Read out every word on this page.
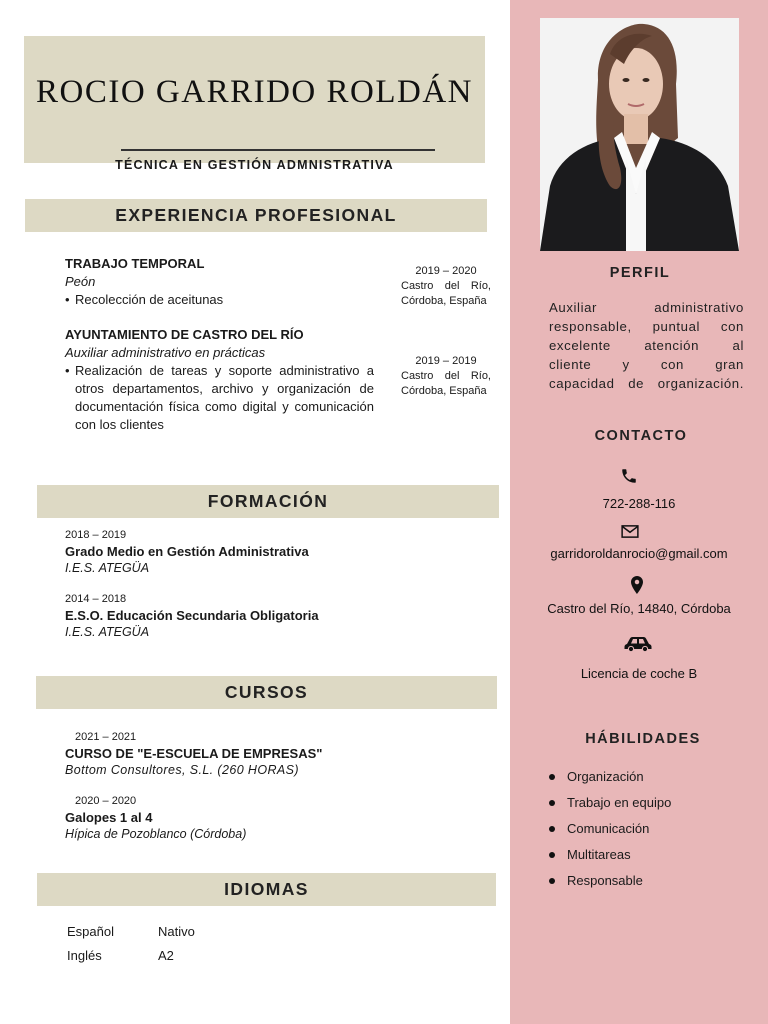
ROCIO GARRIDO ROLDÁN
TÉCNICA EN GESTIÓN ADMNISTRATIVA
EXPERIENCIA PROFESIONAL
TRABAJO TEMPORAL
Peón
• Recolección de aceitunas
2019 – 2020
Castro del Río,
Córdoba, España
AYUNTAMIENTO DE CASTRO DEL RÍO
Auxiliar administrativo en prácticas
• Realización de tareas y soporte administrativo a otros departamentos, archivo y organización de documentación física como digital y comunicación con los clientes
2019 – 2019
Castro del Río,
Córdoba, España
FORMACIÓN
2018 – 2019
Grado Medio en Gestión Administrativa
I.E.S. ATEGÜA
2014 – 2018
E.S.O. Educación Secundaria Obligatoria
I.E.S. ATEGÜA
CURSOS
2021 – 2021
CURSO DE "E-ESCUELA DE EMPRESAS"
Bottom Consultores, S.L. (260 HORAS)
2020 – 2020
Galopes 1 al 4
Hípica de Pozoblanco (Córdoba)
IDIOMAS
Español	Nativo
Inglés	A2
PERFIL
Auxiliar administrativo
responsable, puntual con
excelente atención al
cliente y con gran
capacidad de organización.
CONTACTO
722-288-116
garridoroldanrocio@gmail.com
Castro del Río, 14840, Córdoba
Licencia de coche B
HÁBILIDADES
Organización
Trabajo en equipo
Comunicación
Multitareas
Responsable
